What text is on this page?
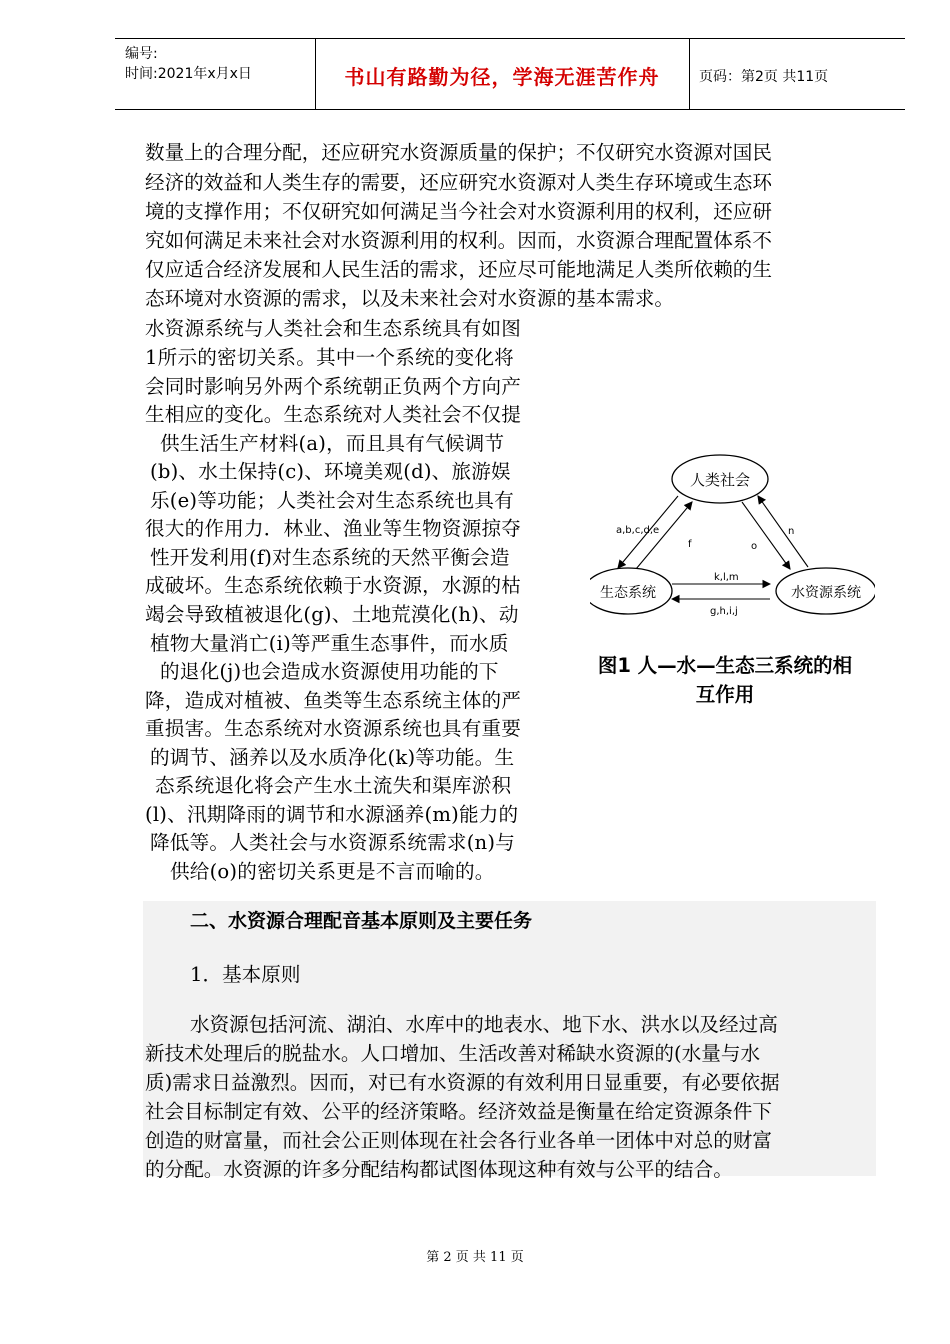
编号:
时间:2021年x月x日	书山有路勤为径，学海无涯苦作舟	页码：第2页 共11页
数量上的合理分配，还应研究水资源质量的保护；不仅研究水资源对国民
经济的效益和人类生存的需要，还应研究水资源对人类生存环境或生态环
境的支撑作用；不仅研究如何满足当今社会对水资源利用的权利，还应研
究如何满足未来社会对水资源利用的权利。因而，水资源合理配置体系不
仅应适合经济发展和人民生活的需求，还应尽可能地满足人类所依赖的生
态环境对水资源的需求，以及未来社会对水资源的基本需求。
水资源系统与人类社会和生态系统具有如图
1所示的密切关系。其中一个系统的变化将
会同时影响另外两个系统朝正负两个方向产
生相应的变化。生态系统对人类社会不仅提
供生活生产材料(a)，而且具有气候调节
(b)、水土保持(c)、环境美观(d)、旅游娱
乐(e)等功能；人类社会对生态系统也具有
很大的作用力．林业、渔业等生物资源掠夺
性开发利用(f)对生态系统的天然平衡会造
成破坏。生态系统依赖于水资源，水源的枯
竭会导致植被退化(g)、土地荒漠化(h)、动
植物大量消亡(i)等严重生态事件，而水质
的退化(j)也会造成水资源使用功能的下
降，造成对植被、鱼类等生态系统主体的严
重损害。生态系统对水资源系统也具有重要
的调节、涵养以及水质净化(k)等功能。生
态系统退化将会产生水土流失和渠库淤积
(l)、汛期降雨的调节和水源涵养(m)能力的
降低等。人类社会与水资源系统需求(n)与
供给(o)的密切关系更是不言而喻的。
人类社会
生态系统	水资源系统
a,b,c,d,e
f	o
n
k,l,m
g,h,i,j
图1 人—水—生态三系统的相
互作用
二、水资源合理配音基本原则及主要任务
1．基本原则
水资源包括河流、湖泊、水库中的地表水、地下水、洪水以及经过高
新技术处理后的脱盐水。人口增加、生活改善对稀缺水资源的(水量与水
质)需求日益激烈。因而，对已有水资源的有效利用日显重要，有必要依据
社会目标制定有效、公平的经济策略。经济效益是衡量在给定资源条件下
创造的财富量，而社会公正则体现在社会各行业各单一团体中对总的财富
的分配。水资源的许多分配结构都试图体现这种有效与公平的结合。
第 2 页 共 11 页
